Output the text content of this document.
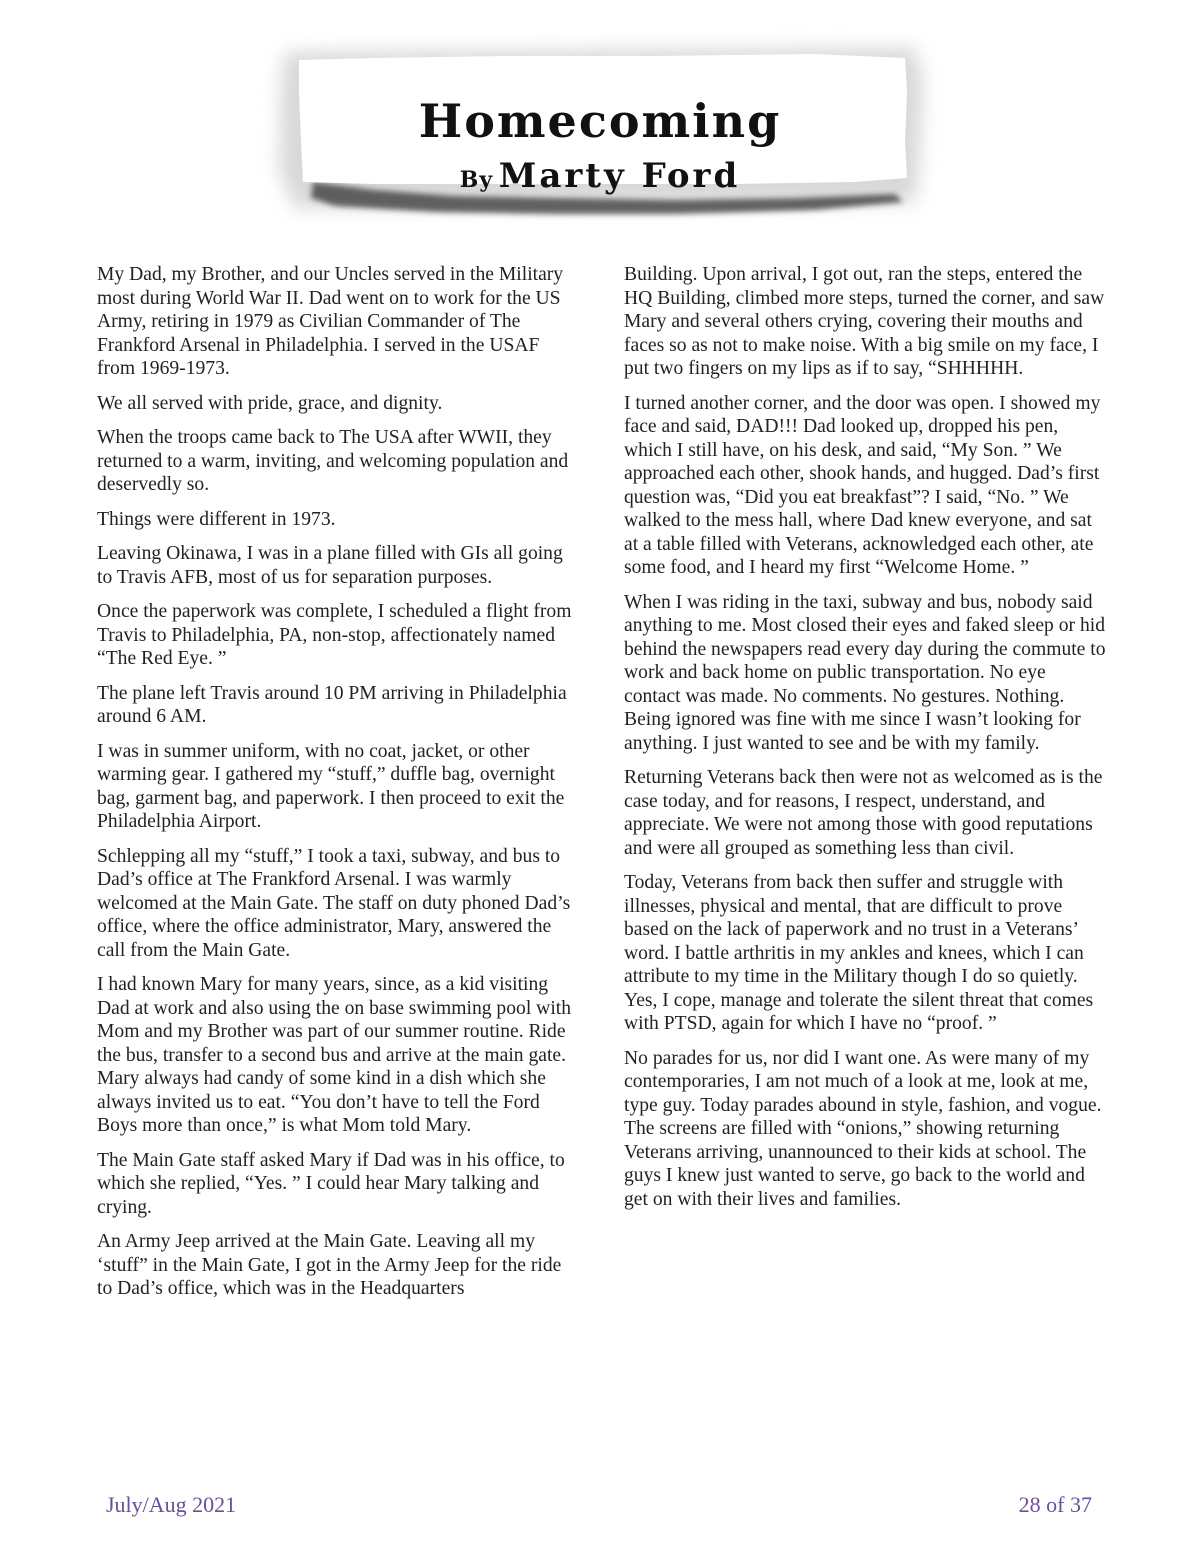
Homecoming
By Marty Ford

My Dad, my Brother, and our Uncles served in the Military most during World War II. Dad went on to work for the US Army, retiring in 1979 as Civilian Commander of The Frankford Arsenal in Philadelphia. I served in the USAF from 1969-1973.

We all served with pride, grace, and dignity.

When the troops came back to The USA after WWII, they returned to a warm, inviting, and welcoming population and deservedly so.

Things were different in 1973.

Leaving Okinawa, I was in a plane filled with GIs all going to Travis AFB, most of us for separation purposes.

Once the paperwork was complete, I scheduled a flight from Travis to Philadelphia, PA, non-stop, affectionately named “The Red Eye. ”

The plane left Travis around 10 PM arriving in Philadelphia around 6 AM.

I was in summer uniform, with no coat, jacket, or other warming gear. I gathered my “stuff,” duffle bag, overnight bag, garment bag, and paperwork. I then proceed to exit the Philadelphia Airport.

Schlepping all my “stuff,” I took a taxi, subway, and bus to Dad’s office at The Frankford Arsenal. I was warmly welcomed at the Main Gate. The staff on duty phoned Dad’s office, where the office administrator, Mary, answered the call from the Main Gate.

I had known Mary for many years, since, as a kid visiting Dad at work and also using the on base swimming pool with Mom and my Brother was part of our summer routine. Ride the bus, transfer to a second bus and arrive at the main gate. Mary always had candy of some kind in a dish which she always invited us to eat. “You don’t have to tell the Ford Boys more than once,” is what Mom told Mary.

The Main Gate staff asked Mary if Dad was in his office, to which she replied, “Yes. ” I could hear Mary talking and crying.

An Army Jeep arrived at the Main Gate. Leaving all my ‘stuff” in the Main Gate, I got in the Army Jeep for the ride to Dad’s office, which was in the Headquarters

Building. Upon arrival, I got out, ran the steps, entered the HQ Building, climbed more steps, turned the corner, and saw Mary and several others crying, covering their mouths and faces so as not to make noise. With a big smile on my face, I put two fingers on my lips as if to say, “SHHHHH.

I turned another corner, and the door was open. I showed my face and said, DAD!!! Dad looked up, dropped his pen, which I still have, on his desk, and said, “My Son. ” We approached each other, shook hands, and hugged. Dad’s first question was, “Did you eat breakfast”? I said, “No. ” We walked to the mess hall, where Dad knew everyone, and sat at a table filled with Veterans, acknowledged each other, ate some food, and I heard my first “Welcome Home. ”

When I was riding in the taxi, subway and bus, nobody said anything to me. Most closed their eyes and faked sleep or hid behind the newspapers read every day during the commute to work and back home on public transportation. No eye contact was made. No comments. No gestures. Nothing. Being ignored was fine with me since I wasn’t looking for anything. I just wanted to see and be with my family.

Returning Veterans back then were not as welcomed as is the case today, and for reasons, I respect, understand, and appreciate. We were not among those with good reputations and were all grouped as something less than civil.

Today, Veterans from back then suffer and struggle with illnesses, physical and mental, that are difficult to prove based on the lack of paperwork and no trust in a Veterans’ word. I battle arthritis in my ankles and knees, which I can attribute to my time in the Military though I do so quietly. Yes, I cope, manage and tolerate the silent threat that comes with PTSD, again for which I have no “proof. ”

No parades for us, nor did I want one. As were many of my contemporaries, I am not much of a look at me, look at me, type guy. Today parades abound in style, fashion, and vogue. The screens are filled with “onions,” showing returning Veterans arriving, unannounced to their kids at school. The guys I knew just wanted to serve, go back to the world and get on with their lives and families.

July/Aug 2021	28 of 37
